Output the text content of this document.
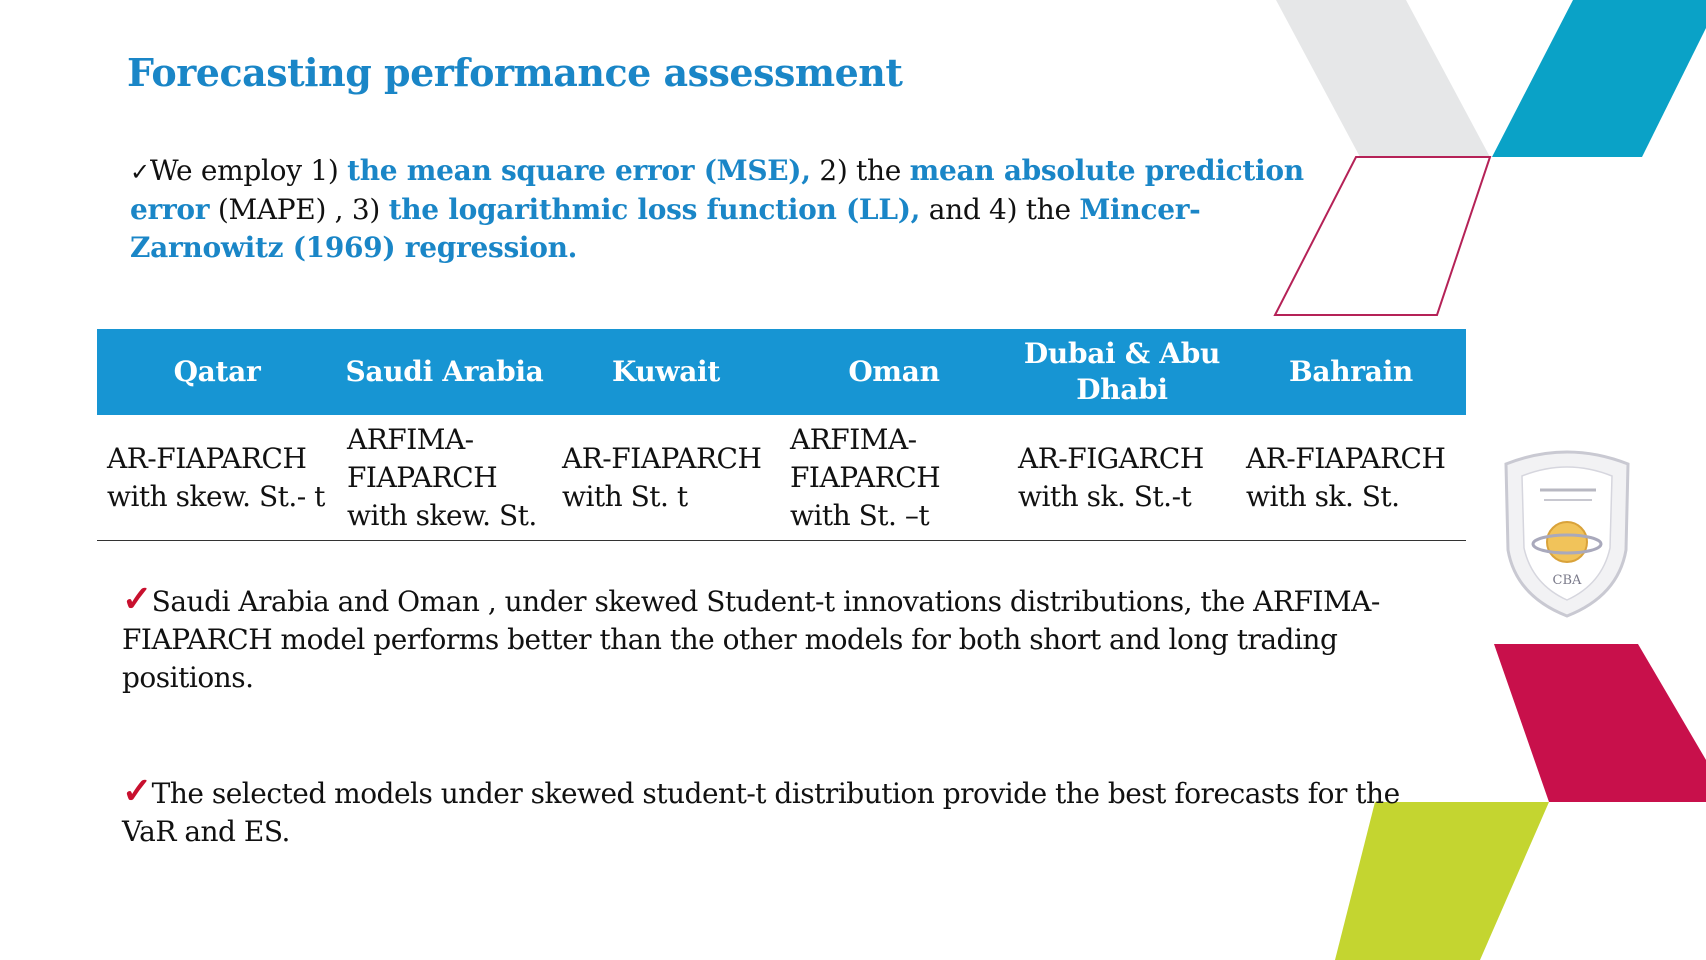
Forecasting performance assessment
✓We employ 1) the mean square error (MSE), 2) the mean absolute prediction error (MAPE) , 3) the logarithmic loss function (LL), and 4) the Mincer-Zarnowitz (1969) regression.
Qatar	Saudi Arabia	Kuwait	Oman	Dubai & Abu Dhabi	Bahrain
AR-FIAPARCH with skew. St.- t	ARFIMA-FIAPARCH with skew. St.	AR-FIAPARCH with St. t	ARFIMA-FIAPARCH with St. –t	AR-FIGARCH with sk. St.-t	AR-FIAPARCH with sk. St.
✓Saudi Arabia and Oman , under skewed Student-t innovations distributions, the ARFIMA-FIAPARCH model performs better than the other models for both short and long trading positions.
✓The selected models under skewed student-t distribution provide the best forecasts for the VaR and ES.
CBA
